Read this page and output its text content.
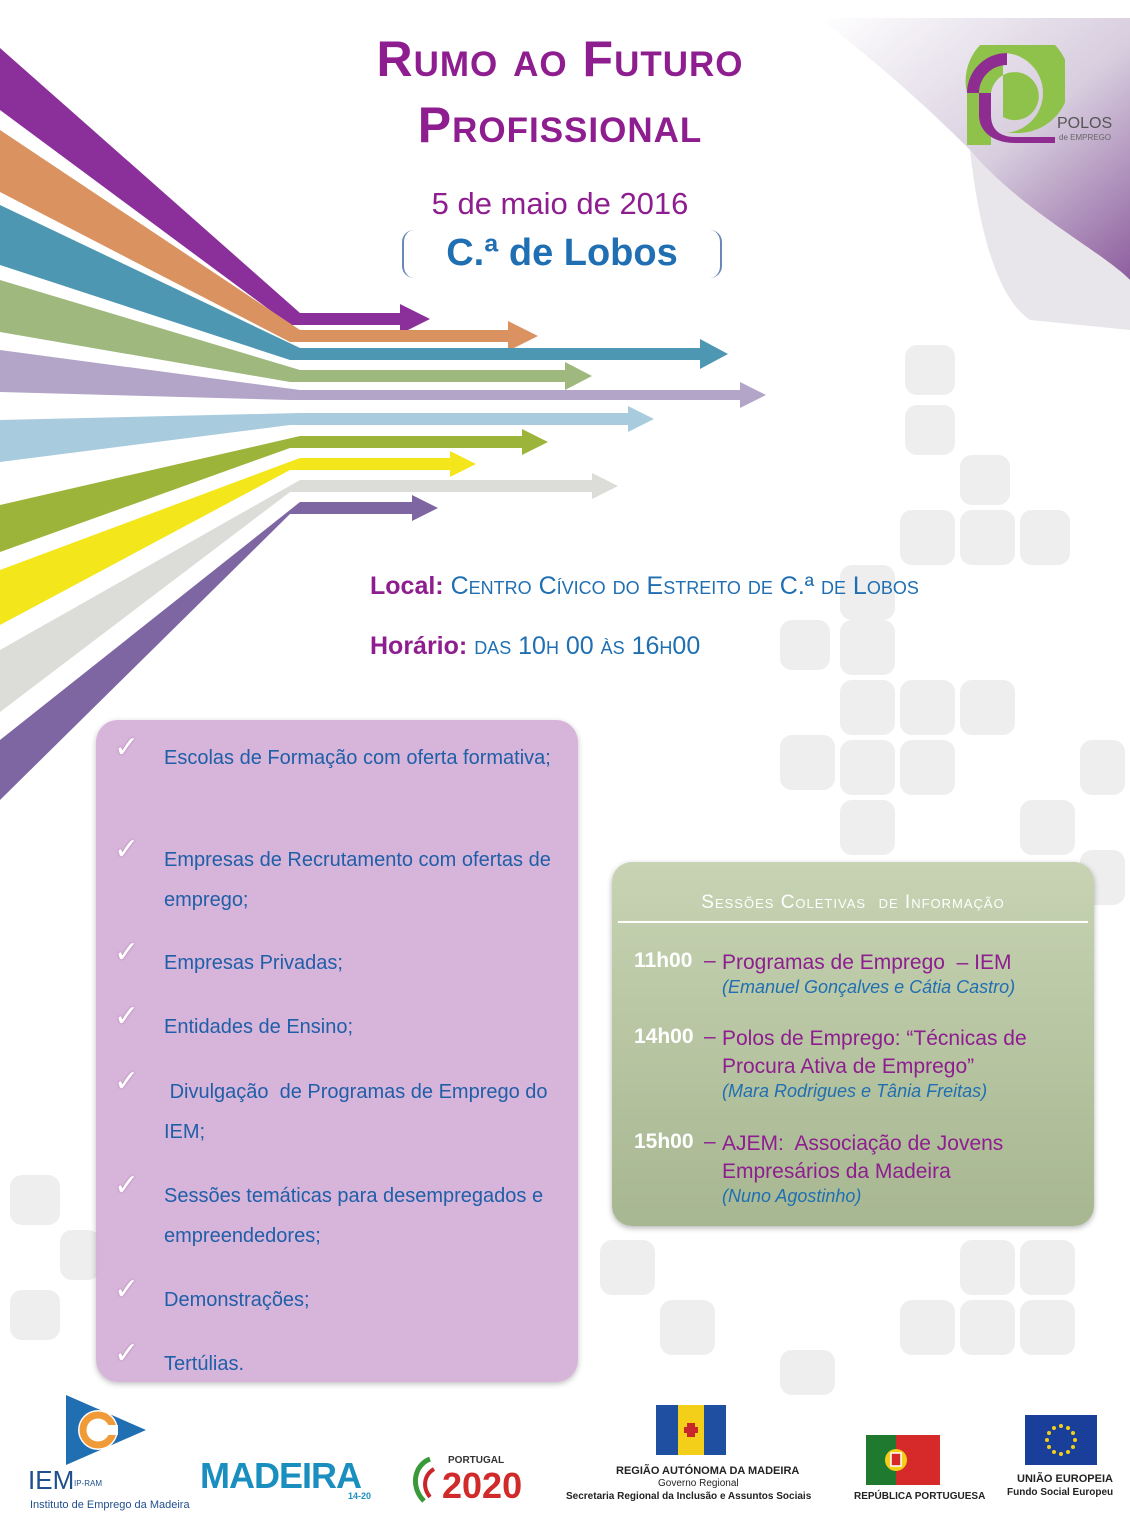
POLOS
de EMPREGO
Rumo ao Futuro
Profissional
5 de maio de 2016
C.ª de Lobos
Local: Centro Cívico do Estreito de C.ª de Lobos
Horário: das 10h 00 às 16h00
✓ Escolas de Formação com oferta formativa;
✓ Empresas de Recrutamento com ofertas de emprego;
✓ Empresas Privadas;
✓ Entidades de Ensino;
✓ Divulgação  de Programas de Emprego do IEM;
✓ Sessões temáticas para desempregados e empreendedores;
✓ Demonstrações;
✓ Tertúlias.
Sessões Coletivas  de Informação
11h00 – Programas de Emprego  – IEM
(Emanuel Gonçalves e Cátia Castro)
14h00 – Polos de Emprego: “Técnicas de Procura Ativa de Emprego”
(Mara Rodrigues e Tânia Freitas)
15h00 – AJEM:  Associação de Jovens Empresários da Madeira
(Nuno Agostinho)
IEM IP-RAM
Instituto de Emprego da Madeira
MADEIRA
14-20
PORTUGAL
2020	REGIÃO AUTÓNOMA DA MADEIRA
Governo Regional
Secretaria Regional da Inclusão e Assuntos Sociais	REPÚBLICA PORTUGUESA
UNIÃO EUROPEIA
Fundo Social Europeu
